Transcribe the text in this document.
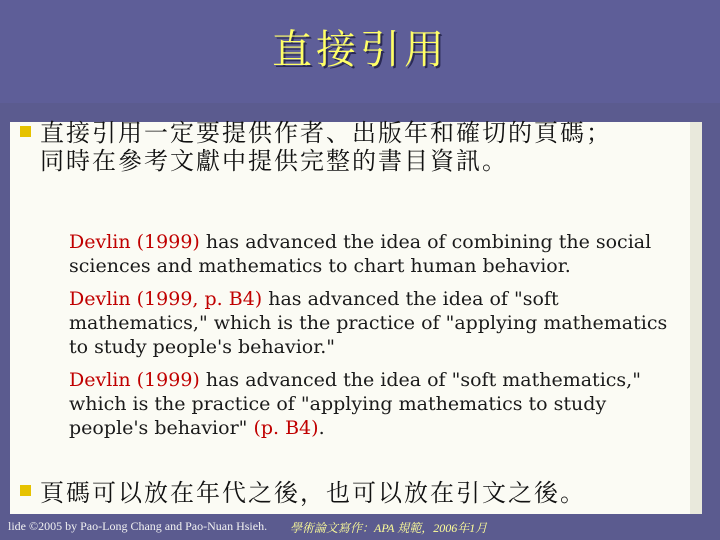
直接引用
直接引用一定要提供作者、出版年和確切的頁碼；
同時在參考文獻中提供完整的書目資訊。
Devlin (1999) has advanced the idea of combining the social sciences and mathematics to chart human behavior.
Devlin (1999, p. B4) has advanced the idea of "soft mathematics," which is the practice of "applying mathematics to study people's behavior."
Devlin (1999) has advanced the idea of "soft mathematics," which is the practice of "applying mathematics to study people's behavior" (p. B4).
頁碼可以放在年代之後，也可以放在引文之後。
lide ©2005 by Pao-Long Chang and Pao-Nuan Hsieh. 學術論文寫作：APA 規範，2006年1月
